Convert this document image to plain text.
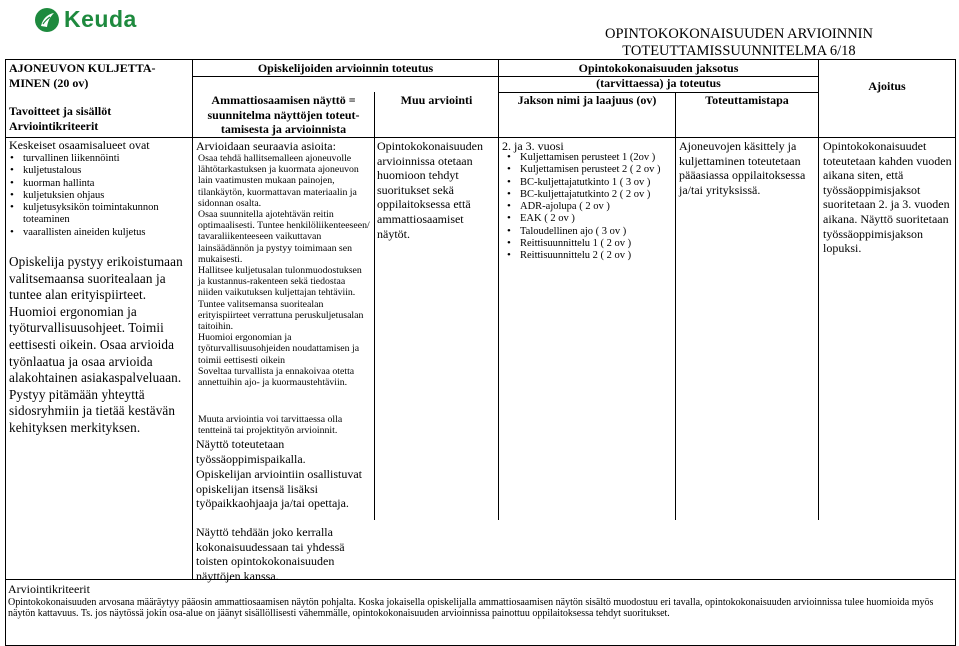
Keuda
OPINTOKOKONAISUUDEN ARVIOINNIN
TOTEUTTAMISSUUNNITELMA 6/18
AJONEUVON KULJETTA-
MINEN (20 ov)
Tavoitteet ja sisällöt
Arviointikriteerit
Keskeiset osaamisalueet ovat
• turvallinen liikennöinti
• kuljetustalous
• kuorman hallinta
• kuljetuksien ohjaus
• kuljetusyksikön toimintakunnon toteaminen
• vaarallisten aineiden kuljetus
Opiskelija pystyy erikoistumaan valitsemaansa suoritealaan ja tuntee alan erityispiirteet. Huomioi ergonomian ja työturvallisuusohjeet. Toimii eettisesti oikein. Osaa arvioida työnlaatua ja osaa arvioida alakohtainen asiakaspalveluaan. Pystyy pitämään yhteyttä sidosryhmiin ja tietää kestävän kehityksen merkityksen.
Opiskelijoiden arvioinnin toteutus
Ammattiosaamisen näyttö =
suunnitelma näyttöjen toteut-
tamisesta ja arvioinnista
Muu arviointi
Opintokokonaisuuden jaksotus
(tarvittaessa) ja toteutus
Jakson nimi ja laajuus (ov)	Toteuttamistapa
Ajoitus
Arvioidaan seuraavia asioita:
Osaa tehdä hallitsemalleen ajoneuvolle lähtötarkastuksen ja kuormata ajoneuvon lain vaatimusten mukaan painojen, tilankäytön, kuormattavan materiaalin ja sidonnan osalta.
Osaa suunnitella ajotehtävän reitin optimaalisesti. Tuntee henkilöliikenteeseen/ tavaraliikenteeseen vaikuttavan lainsäädännön ja pystyy toimimaan sen mukaisesti.
Hallitsee kuljetusalan tulonmuodostuksen ja kustannus-rakenteen sekä tiedostaa niiden vaikutuksen kuljettajan tehtäviin.
Tuntee valitsemansa suoritealan erityispiirteet verrattuna peruskuljetusalan taitoihin.
Huomioi ergonomian ja työturvallisuusohjeiden noudattamisen ja toimii eettisesti oikein
Soveltaa turvallista ja ennakoivaa otetta annettuihin ajo- ja kuormaustehtäviin.
Muuta arviointia voi tarvittaessa olla tentteinä tai projektityön arvioinnit.
Näyttö toteutetaan työssäoppimispaikalla.
Opiskelijan arviointiin osallistuvat opiskelijan itsensä lisäksi työpaikkaohjaaja ja/tai opettaja.
Näyttö tehdään joko kerralla kokonaisuudessaan tai yhdessä toisten opintokokonaisuuden näyttöjen kanssa.
Opintokokonaisuuden arvioinnissa otetaan huomioon tehdyt suoritukset sekä oppilaitoksessa että ammattiosaamiset näytöt.
2. ja 3. vuosi
• Kuljettamisen perusteet 1 (2ov )
• Kuljettamisen perusteet 2 ( 2 ov )
• BC-kuljettajatutkinto 1 ( 3 ov )
• BC-kuljettajatutkinto 2 ( 2 ov )
• ADR-ajolupa ( 2 ov )
• EAK ( 2 ov )
• Taloudellinen ajo ( 3 ov )
• Reittisuunnittelu 1 ( 2 ov )
• Reittisuunnittelu 2 ( 2 ov )
Ajoneuvojen käsittely ja kuljettaminen toteutetaan pääasiassa oppilaitoksessa ja/tai yrityksissä.
Opintokokonaisuudet toteutetaan kahden vuoden aikana siten, että työssäoppimisjaksot suoritetaan 2. ja 3. vuoden aikana. Näyttö suoritetaan työssäoppimisjakson lopuksi.

Arviointikriteerit

Opintokokonaisuuden arvosana määräytyy pääosin ammattiosaamisen näytön pohjalta. Koska jokaisella opiskelijalla ammattiosaamisen näytön sisältö muodostuu eri tavalla, opintokokonaisuuden arvioinnissa tulee huomioida myös näytön kattavuus. Ts. jos näytössä jokin osa-alue on jäänyt sisällöllisesti vähemmälle, opintokokonaisuuden arvioinnissa painottuu oppilaitoksessa tehdyt suoritukset.
